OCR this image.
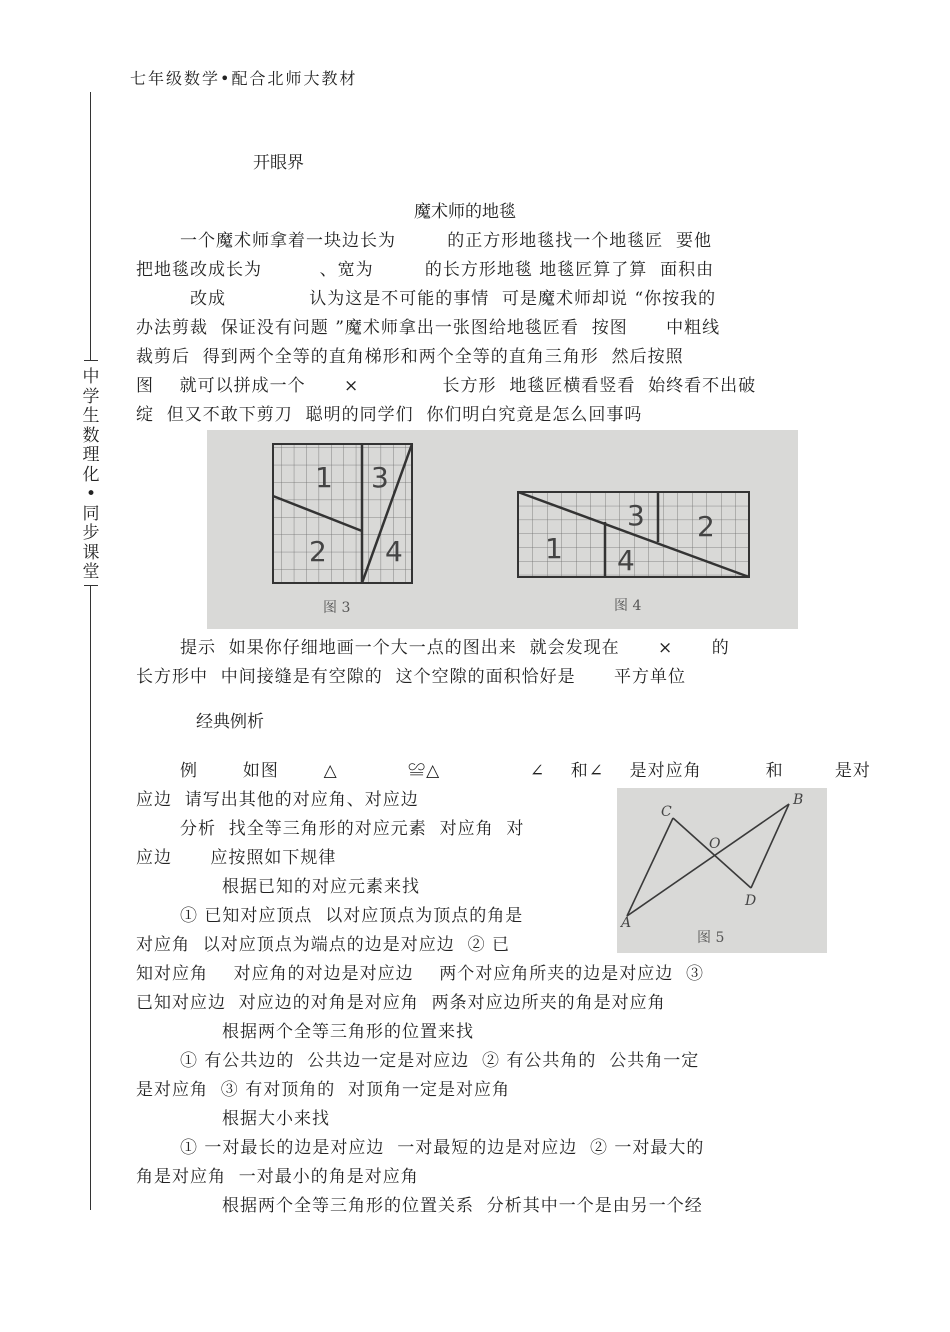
七年级数学•配合北师大教材
中
学
生
数
理
化
•
同
步
课
堂
开眼界
魔术师的地毯
一个魔术师拿着一块边长为        的正方形地毯找一个地毯匠  要他
把地毯改成长为         、宽为        的长方形地毯 地毯匠算了算  面积由
改成             认为这是不可能的事情  可是魔术师却说 “你按我的
办法剪裁  保证没有问题 ”魔术师拿出一张图给地毯匠看  按图      中粗线
裁剪后  得到两个全等的直角梯形和两个全等的直角三角形  然后按照
图    就可以拼成一个      ×             长方形  地毯匠横看竖看  始终看不出破
绽  但又不敢下剪刀  聪明的同学们  你们明白究竟是怎么回事吗
1
2
3
4
图 3
1
2
3
4
图 4
提示  如果你仔细地画一个大一点的图出来  就会发现在      ×      的
长方形中  中间接缝是有空隙的  这个空隙的面积恰好是      平方单位
经典例析
例       如图       △           ≌△              ∠    和∠    是对应角          和        是对
应边  请写出其他的对应角、对应边
A
B
C
D
O
图 5
分析  找全等三角形的对应元素  对应角  对
应边      应按照如下规律
根据已知的对应元素来找
① 已知对应顶点  以对应顶点为顶点的角是
对应角  以对应顶点为端点的边是对应边  ② 已
知对应角    对应角的对边是对应边    两个对应角所夹的边是对应边  ③
已知对应边  对应边的对角是对应角  两条对应边所夹的角是对应角
根据两个全等三角形的位置来找
① 有公共边的  公共边一定是对应边  ② 有公共角的  公共角一定
是对应角  ③ 有对顶角的  对顶角一定是对应角
根据大小来找
① 一对最长的边是对应边  一对最短的边是对应边  ② 一对最大的
角是对应角  一对最小的角是对应角
根据两个全等三角形的位置关系  分析其中一个是由另一个经
